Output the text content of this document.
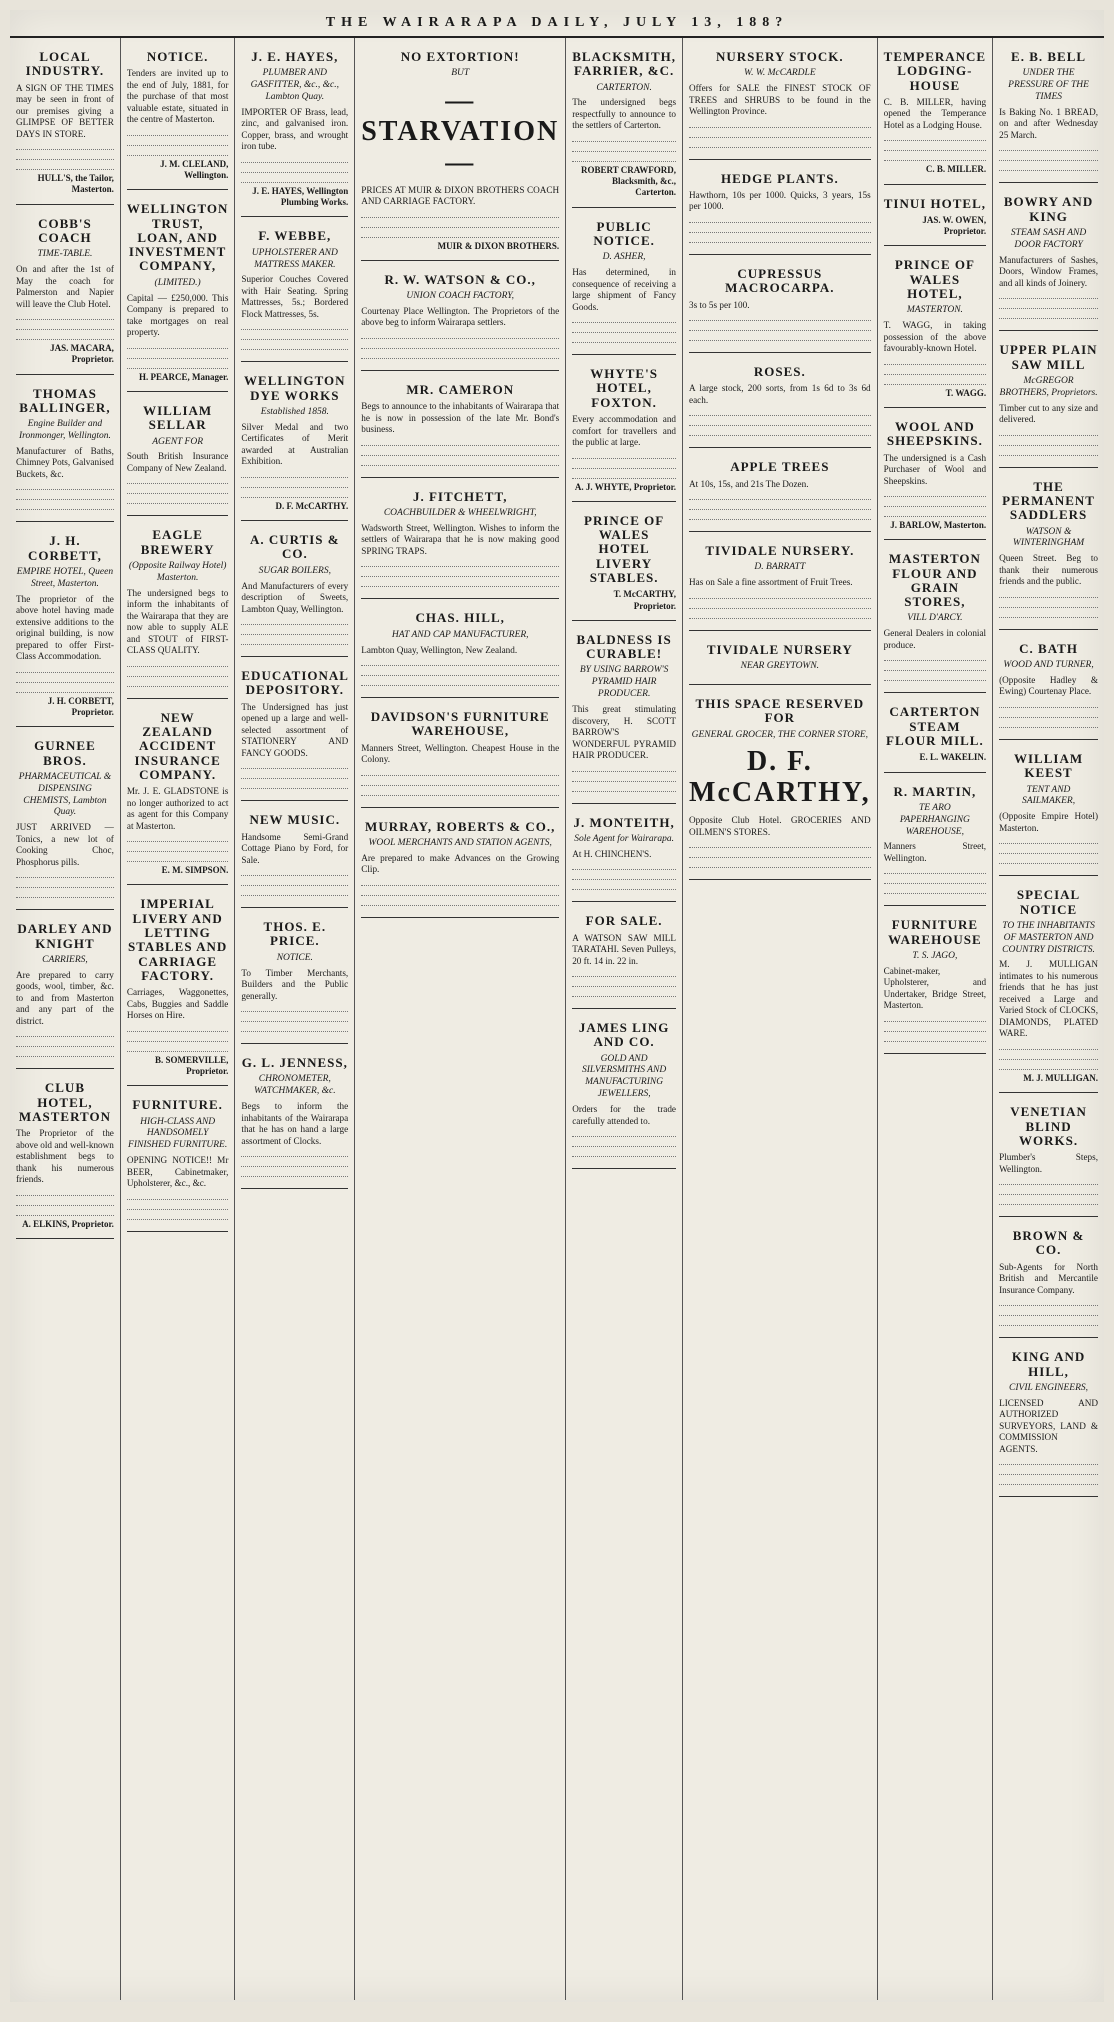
THE WAIRARAPA DAILY, JULY 13, 188?
LOCAL INDUSTRY.

A SIGN OF THE TIMES may be seen in front of our premises giving a GLIMPSE OF BETTER DAYS IN STORE.

HULL'S, the Tailor, Masterton.
COBB'S COACH
TIME-TABLE.

On and after the 1st of May the coach for Palmerston and Napier will leave the Club Hotel.

JAS. MACARA, Proprietor.
THOMAS BALLINGER,
Engine Builder and Ironmonger, Wellington.

Manufacturer of Baths, Chimney Pots, Galvanised Buckets, &c.

J. H. CORBETT,
EMPIRE HOTEL, Queen Street, Masterton.

The proprietor of the above hotel having made extensive additions to the original building, is now prepared to offer First-Class Accommodation.

J. H. CORBETT, Proprietor.
GURNEE BROS.
PHARMACEUTICAL & DISPENSING CHEMISTS, Lambton Quay.

JUST ARRIVED — Tonics, a new lot of Cooking Choc, Phosphorus pills.

DARLEY AND KNIGHT
CARRIERS,

Are prepared to carry goods, wool, timber, &c. to and from Masterton and any part of the district.

CLUB HOTEL, MASTERTON

The Proprietor of the above old and well-known establishment begs to thank his numerous friends.

A. ELKINS, Proprietor.
NOTICE.

Tenders are invited up to the end of July, 1881, for the purchase of that most valuable estate, situated in the centre of Masterton.

J. M. CLELAND, Wellington.
WELLINGTON TRUST, LOAN, AND INVESTMENT COMPANY,
(LIMITED.)

Capital — £250,000. This Company is prepared to take mortgages on real property.

H. PEARCE, Manager.
WILLIAM SELLAR
AGENT FOR

South British Insurance Company of New Zealand.

EAGLE BREWERY
(Opposite Railway Hotel) Masterton.

The undersigned begs to inform the inhabitants of the Wairarapa that they are now able to supply ALE and STOUT of FIRST-CLASS QUALITY.

NEW ZEALAND ACCIDENT INSURANCE COMPANY.

Mr. J. E. GLADSTONE is no longer authorized to act as agent for this Company at Masterton.

E. M. SIMPSON.
IMPERIAL LIVERY AND LETTING STABLES AND CARRIAGE FACTORY.

Carriages, Waggonettes, Cabs, Buggies and Saddle Horses on Hire.

B. SOMERVILLE, Proprietor.
FURNITURE.
HIGH-CLASS AND HANDSOMELY FINISHED FURNITURE.

OPENING NOTICE!! Mr BEER, Cabinetmaker, Upholsterer, &c., &c.

J. E. HAYES,
PLUMBER AND GASFITTER, &c., &c., Lambton Quay.

IMPORTER OF Brass, lead, zinc, and galvanised iron. Copper, brass, and wrought iron tube.

J. E. HAYES, Wellington Plumbing Works.
F. WEBBE,
UPHOLSTERER AND MATTRESS MAKER.

Superior Couches Covered with Hair Seating. Spring Mattresses, 5s.; Bordered Flock Mattresses, 5s.

WELLINGTON DYE WORKS
Established 1858.

Silver Medal and two Certificates of Merit awarded at Australian Exhibition.

D. F. McCARTHY.
A. CURTIS & CO.
SUGAR BOILERS,

And Manufacturers of every description of Sweets, Lambton Quay, Wellington.

EDUCATIONAL DEPOSITORY.

The Undersigned has just opened up a large and well-selected assortment of STATIONERY AND FANCY GOODS.

NEW MUSIC.

Handsome Semi-Grand Cottage Piano by Ford, for Sale.

THOS. E. PRICE.
NOTICE.

To Timber Merchants, Builders and the Public generally.

G. L. JENNESS,
CHRONOMETER, WATCHMAKER, &c.

Begs to inform the inhabitants of the Wairarapa that he has on hand a large assortment of Clocks.

NO EXTORTION!
BUT
—STARVATION—

PRICES AT MUIR & DIXON BROTHERS COACH AND CARRIAGE FACTORY.

MUIR & DIXON BROTHERS.
R. W. WATSON & CO.,
UNION COACH FACTORY,

Courtenay Place Wellington. The Proprietors of the above beg to inform Wairarapa settlers.

MR. CAMERON

Begs to announce to the inhabitants of Wairarapa that he is now in possession of the late Mr. Bond's business.

J. FITCHETT,
COACHBUILDER & WHEELWRIGHT,

Wadsworth Street, Wellington. Wishes to inform the settlers of Wairarapa that he is now making good SPRING TRAPS.

CHAS. HILL,
HAT AND CAP MANUFACTURER,

Lambton Quay, Wellington, New Zealand.

DAVIDSON'S FURNITURE WAREHOUSE,

Manners Street, Wellington. Cheapest House in the Colony.

MURRAY, ROBERTS & CO.,
WOOL MERCHANTS AND STATION AGENTS,

Are prepared to make Advances on the Growing Clip.

BLACKSMITH, FARRIER, &C.
CARTERTON.

The undersigned begs respectfully to announce to the settlers of Carterton.

ROBERT CRAWFORD, Blacksmith, &c., Carterton.
PUBLIC NOTICE.
D. ASHER,

Has determined, in consequence of receiving a large shipment of Fancy Goods.

WHYTE'S HOTEL, FOXTON.

Every accommodation and comfort for travellers and the public at large.

A. J. WHYTE, Proprietor.
PRINCE OF WALES HOTEL LIVERY STABLES.
T. McCARTHY, Proprietor.
BALDNESS IS CURABLE!
BY USING BARROW'S PYRAMID HAIR PRODUCER.

This great stimulating discovery, H. SCOTT BARROW'S WONDERFUL PYRAMID HAIR PRODUCER.

J. MONTEITH,
Sole Agent for Wairarapa.

At H. CHINCHEN'S.

FOR SALE.

A WATSON SAW MILL TARATAHI. Seven Pulleys, 20 ft. 14 in. 22 in.

JAMES LING AND CO.
GOLD AND SILVERSMITHS AND MANUFACTURING JEWELLERS,

Orders for the trade carefully attended to.

NURSERY STOCK.
W. W. McCARDLE

Offers for SALE the FINEST STOCK OF TREES and SHRUBS to be found in the Wellington Province.

HEDGE PLANTS.

Hawthorn, 10s per 1000. Quicks, 3 years, 15s per 1000.

CUPRESSUS MACROCARPA.

3s to 5s per 100.

ROSES.

A large stock, 200 sorts, from 1s 6d to 3s 6d each.

APPLE TREES

At 10s, 15s, and 21s The Dozen.

TIVIDALE NURSERY.
D. BARRATT

Has on Sale a fine assortment of Fruit Trees.

TIVIDALE NURSERY
NEAR GREYTOWN.
THIS SPACE RESERVED FOR
GENERAL GROCER, THE CORNER STORE,
D. F. McCARTHY,

Opposite Club Hotel. GROCERIES AND OILMEN'S STORES.

TEMPERANCE LODGING-HOUSE

C. B. MILLER, having opened the Temperance Hotel as a Lodging House.

C. B. MILLER.
TINUI HOTEL,
JAS. W. OWEN, Proprietor.
PRINCE OF WALES HOTEL,
MASTERTON.

T. WAGG, in taking possession of the above favourably-known Hotel.

T. WAGG.
WOOL AND SHEEPSKINS.

The undersigned is a Cash Purchaser of Wool and Sheepskins.

J. BARLOW, Masterton.
MASTERTON FLOUR AND GRAIN STORES,
VILL D'ARCY.

General Dealers in colonial produce.

CARTERTON STEAM FLOUR MILL.
E. L. WAKELIN.
R. MARTIN,
TE ARO PAPERHANGING WAREHOUSE,

Manners Street, Wellington.

FURNITURE WAREHOUSE
T. S. JAGO,

Cabinet-maker, Upholsterer, and Undertaker, Bridge Street, Masterton.

E. B. BELL
UNDER THE PRESSURE OF THE TIMES

Is Baking No. 1 BREAD, on and after Wednesday 25 March.

BOWRY AND KING
STEAM SASH AND DOOR FACTORY

Manufacturers of Sashes, Doors, Window Frames, and all kinds of Joinery.

UPPER PLAIN SAW MILL
McGREGOR BROTHERS, Proprietors.

Timber cut to any size and delivered.

THE PERMANENT SADDLERS
WATSON & WINTERINGHAM

Queen Street. Beg to thank their numerous friends and the public.

C. BATH
WOOD AND TURNER,

(Opposite Hadley & Ewing) Courtenay Place.

WILLIAM KEEST
TENT AND SAILMAKER,

(Opposite Empire Hotel) Masterton.

SPECIAL NOTICE
TO THE INHABITANTS OF MASTERTON AND COUNTRY DISTRICTS.

M. J. MULLIGAN intimates to his numerous friends that he has just received a Large and Varied Stock of CLOCKS, DIAMONDS, PLATED WARE.

M. J. MULLIGAN.
VENETIAN BLIND WORKS.

Plumber's Steps, Wellington.

BROWN & CO.

Sub-Agents for North British and Mercantile Insurance Company.

KING AND HILL,
CIVIL ENGINEERS,

LICENSED AND AUTHORIZED SURVEYORS, LAND & COMMISSION AGENTS.
